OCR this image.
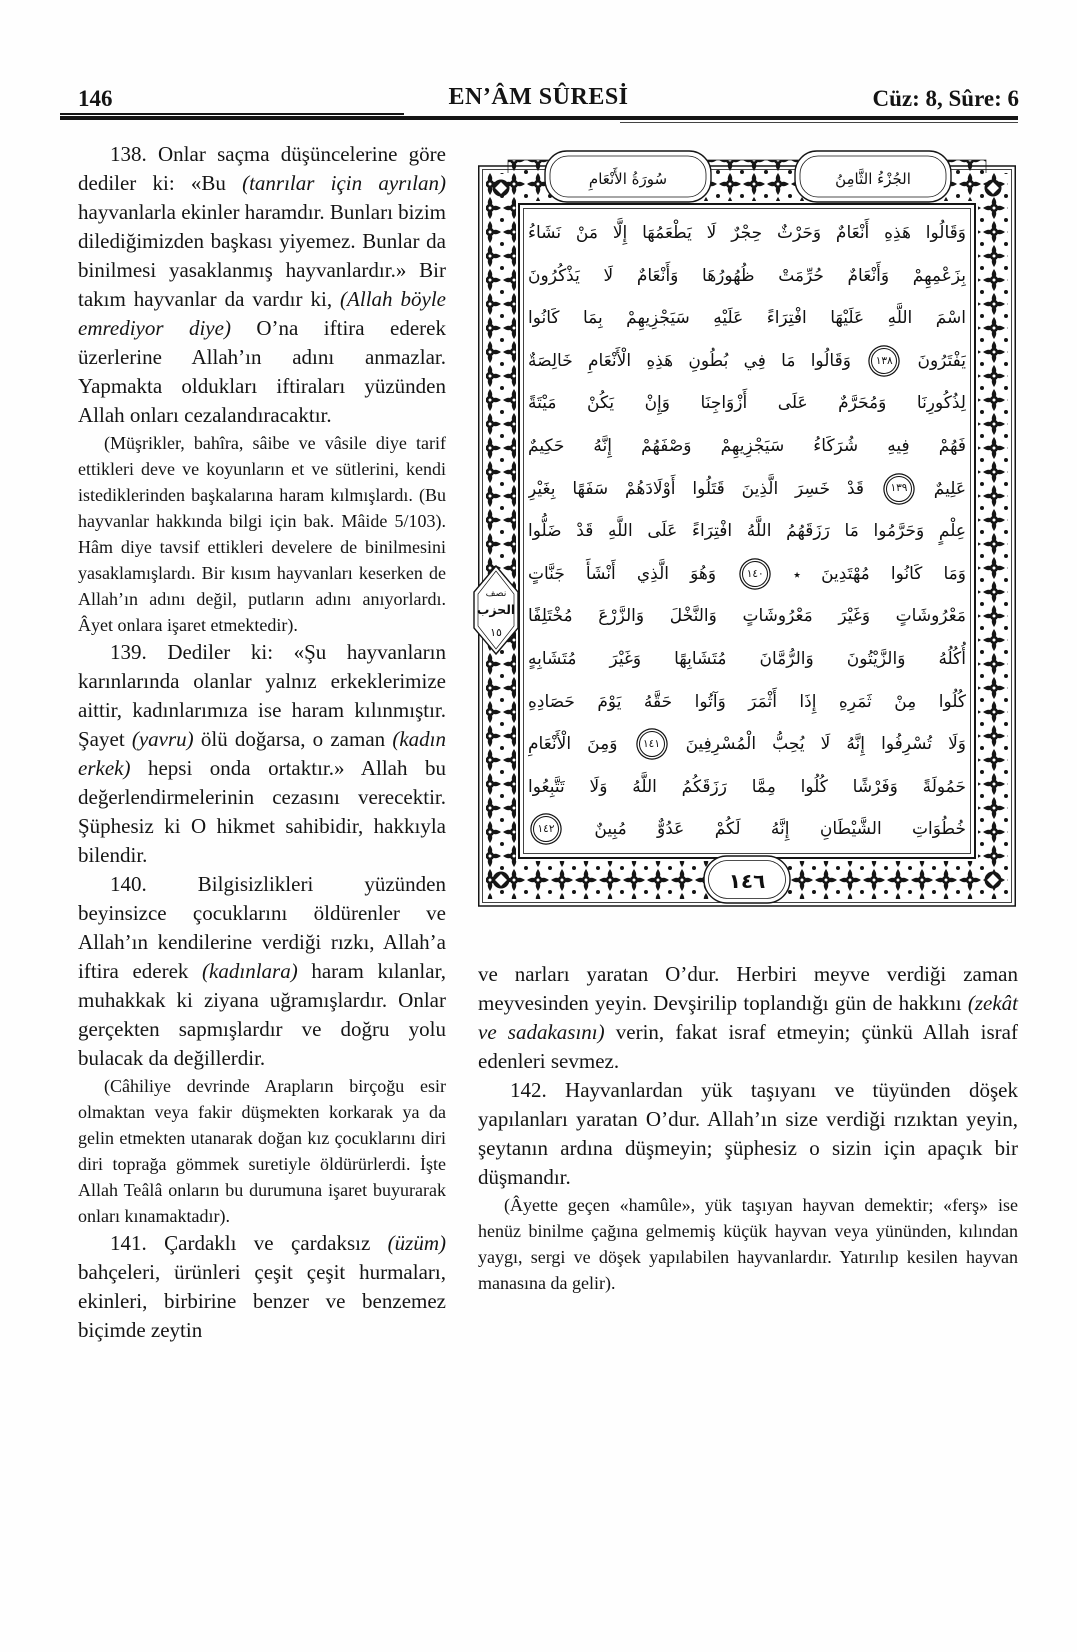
146	EN’ÂM SÛRESİ	Cüz: 8, Sûre: 6

138. Onlar saçma düşüncelerine göre dediler ki: «Bu (tanrılar için ayrılan) hayvanlarla ekinler haramdır. Bunları bizim dilediğimizden başkası yiyemez. Bunlar da binilmesi yasaklanmış hayvanlardır.» Bir takım hayvanlar da vardır ki, (Allah böyle emrediyor diye) O’na iftira ederek üzerlerine Allah’ın adını anmazlar. Yapmakta oldukları iftiraları yüzünden Allah onları cezalandıracaktır.

(Müşrikler, bahîra, sâibe ve vâsile diye tarif ettikleri deve ve koyunların et ve sütlerini, kendi istediklerinden başkalarına haram kılmışlardı. (Bu hayvanlar hakkında bilgi için bak. Mâide 5/103). Hâm diye tavsif ettikleri develere de binilmesini yasaklamışlardı. Bir kısım hayvanları keserken de Allah’ın adını değil, putların adını anıyorlardı. Âyet onlara işaret etmektedir).

139. Dediler ki: «Şu hayvanların karınlarında olanlar yalnız erkeklerimize aittir, kadınlarımıza ise haram kılınmıştır. Şayet (yavru) ölü doğarsa, o zaman (kadın erkek) hepsi onda ortaktır.» Allah bu değerlendirmelerinin cezasını verecektir. Şüphesiz ki O hikmet sahibidir, hakkıyla bilendir.

140. Bilgisizlikleri yüzünden beyinsizce çocuklarını öldürenler ve Allah’ın kendilerine verdiği rızkı, Allah’a iftira ederek (kadınlara) haram kılanlar, muhakkak ki ziyana uğramışlardır. Onlar gerçekten sapmışlardır ve doğru yolu bulacak da değillerdir.

(Câhiliye devrinde Arapların birçoğu esir olmaktan veya fakir düşmekten korkarak ya da gelin etmekten utanarak doğan kız çocuklarını diri diri toprağa gömmek suretiyle öldürürlerdi. İşte Allah Teâlâ onların bu durumuna işaret buyurarak onları kınamaktadır).

141. Çardaklı ve çardaksız (üzüm) bahçeleri, ürünleri çeşit çeşit hurmaları, ekinleri, birbirine benzer ve benzemez biçimde zeytin

سُورَةُ الأَنْعَامِ	الجُزْءُ الثَّامِنُ
نصف
الحزب
١٥
١٤٦
وَقَالُوا هَذِهِ أَنْعَامٌ وَحَرْثٌ حِجْرٌ لَا يَطْعَمُهَا إِلَّا مَنْ نَشَاءُ
بِزَعْمِهِمْ وَأَنْعَامٌ حُرِّمَتْ ظُهُورُهَا وَأَنْعَامٌ لَا يَذْكُرُونَ
اسْمَ اللَّهِ عَلَيْهَا افْتِرَاءً عَلَيْهِ سَيَجْزِيهِمْ بِمَا كَانُوا
يَفْتَرُونَ ١٣٨ وَقَالُوا مَا فِي بُطُونِ هَذِهِ الْأَنْعَامِ خَالِصَةٌ
لِذُكُورِنَا وَمُحَرَّمٌ عَلَى أَزْوَاجِنَا وَإِنْ يَكُنْ مَيْتَةً
فَهُمْ فِيهِ شُرَكَاءُ سَيَجْزِيهِمْ وَصْفَهُمْ إِنَّهُ حَكِيمٌ
عَلِيمٌ ١٣٩ قَدْ خَسِرَ الَّذِينَ قَتَلُوا أَوْلَادَهُمْ سَفَهًا بِغَيْرِ
عِلْمٍ وَحَرَّمُوا مَا رَزَقَهُمُ اللَّهُ افْتِرَاءً عَلَى اللَّهِ قَدْ ضَلُّوا
وَمَا كَانُوا مُهْتَدِينَ ٭ ١٤٠ وَهُوَ الَّذِي أَنْشَأَ جَنَّاتٍ
مَعْرُوشَاتٍ وَغَيْرَ مَعْرُوشَاتٍ وَالنَّخْلَ وَالزَّرْعَ مُخْتَلِفًا
أُكُلُهُ وَالزَّيْتُونَ وَالرُّمَّانَ مُتَشَابِهًا وَغَيْرَ مُتَشَابِهٍ
كُلُوا مِنْ ثَمَرِهِ إِذَا أَثْمَرَ وَآتُوا حَقَّهُ يَوْمَ حَصَادِهِ
وَلَا تُسْرِفُوا إِنَّهُ لَا يُحِبُّ الْمُسْرِفِينَ ١٤١ وَمِنَ الْأَنْعَامِ
حَمُولَةً وَفَرْشًا كُلُوا مِمَّا رَزَقَكُمُ اللَّهُ وَلَا تَتَّبِعُوا
خُطُوَاتِ الشَّيْطَانِ إِنَّهُ لَكُمْ عَدُوٌّ مُبِينٌ ١٤٢

ve narları yaratan O’dur. Herbiri meyve verdiği zaman meyvesinden yeyin. Devşirilip toplandığı gün de hakkını (zekât ve sadakasını) verin, fakat israf etmeyin; çünkü Allah israf edenleri sevmez.

142. Hayvanlardan yük taşıyanı ve tüyünden döşek yapılanları yaratan O’dur. Allah’ın size verdiği rızıktan yeyin, şeytanın ardına düşmeyin; şüphesiz o sizin için apaçık bir düşmandır.

(Âyette geçen «hamûle», yük taşıyan hayvan demektir; «ferş» ise henüz binilme çağına gelmemiş küçük hayvan veya yününden, kılından yaygı, sergi ve döşek yapılabilen hayvanlardır. Yatırılıp kesilen hayvan manasına da gelir).
